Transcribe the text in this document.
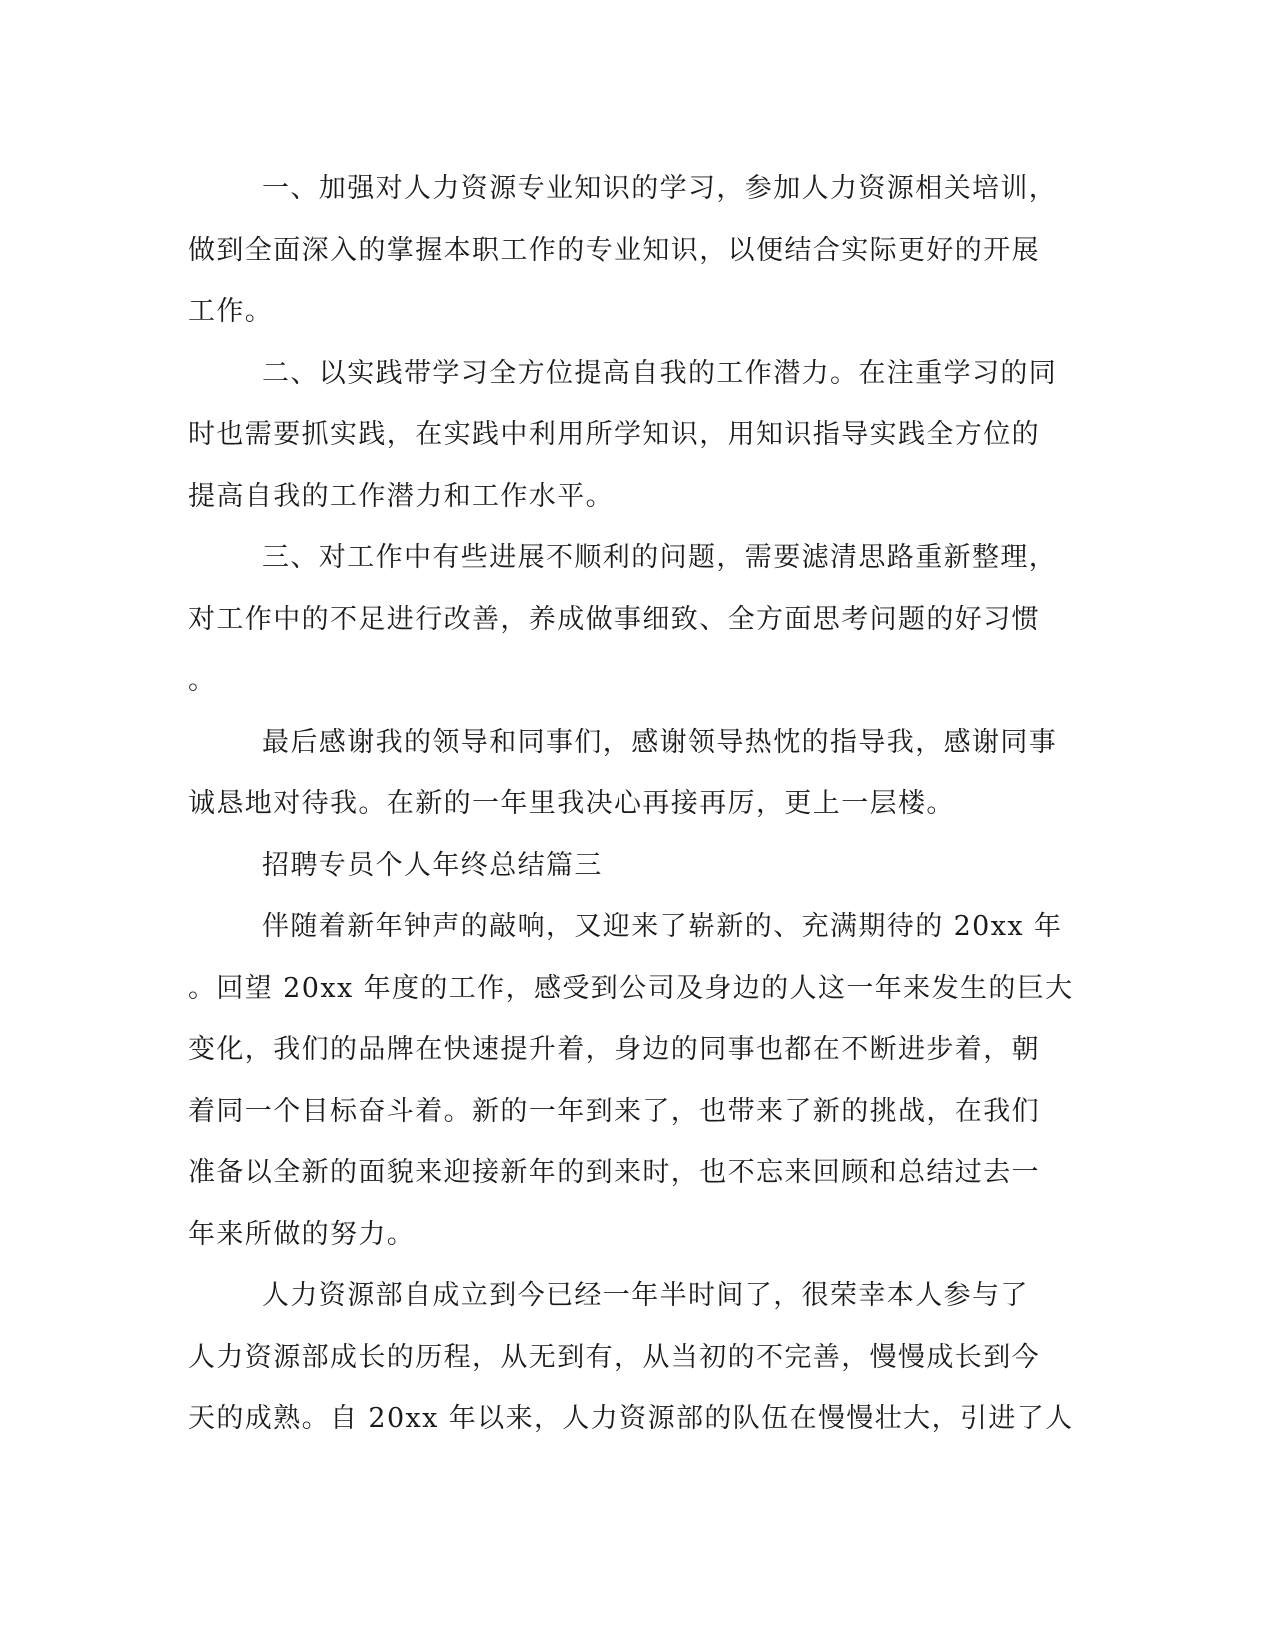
一、加强对人力资源专业知识的学习，参加人力资源相关培训，
做到全面深入的掌握本职工作的专业知识，以便结合实际更好的开展
工作。
二、以实践带学习全方位提高自我的工作潜力。在注重学习的同
时也需要抓实践，在实践中利用所学知识，用知识指导实践全方位的
提高自我的工作潜力和工作水平。
三、对工作中有些进展不顺利的问题，需要滤清思路重新整理，
对工作中的不足进行改善，养成做事细致、全方面思考问题的好习惯
。
最后感谢我的领导和同事们，感谢领导热忱的指导我，感谢同事
诚恳地对待我。在新的一年里我决心再接再厉，更上一层楼。
招聘专员个人年终总结篇三
伴随着新年钟声的敲响，又迎来了崭新的、充满期待的 20xx 年
。回望 20xx 年度的工作，感受到公司及身边的人这一年来发生的巨大
变化，我们的品牌在快速提升着，身边的同事也都在不断进步着，朝
着同一个目标奋斗着。新的一年到来了，也带来了新的挑战，在我们
准备以全新的面貌来迎接新年的到来时，也不忘来回顾和总结过去一
年来所做的努力。
人力资源部自成立到今已经一年半时间了，很荣幸本人参与了
人力资源部成长的历程，从无到有，从当初的不完善，慢慢成长到今
天的成熟。自 20xx 年以来，人力资源部的队伍在慢慢壮大，引进了人
